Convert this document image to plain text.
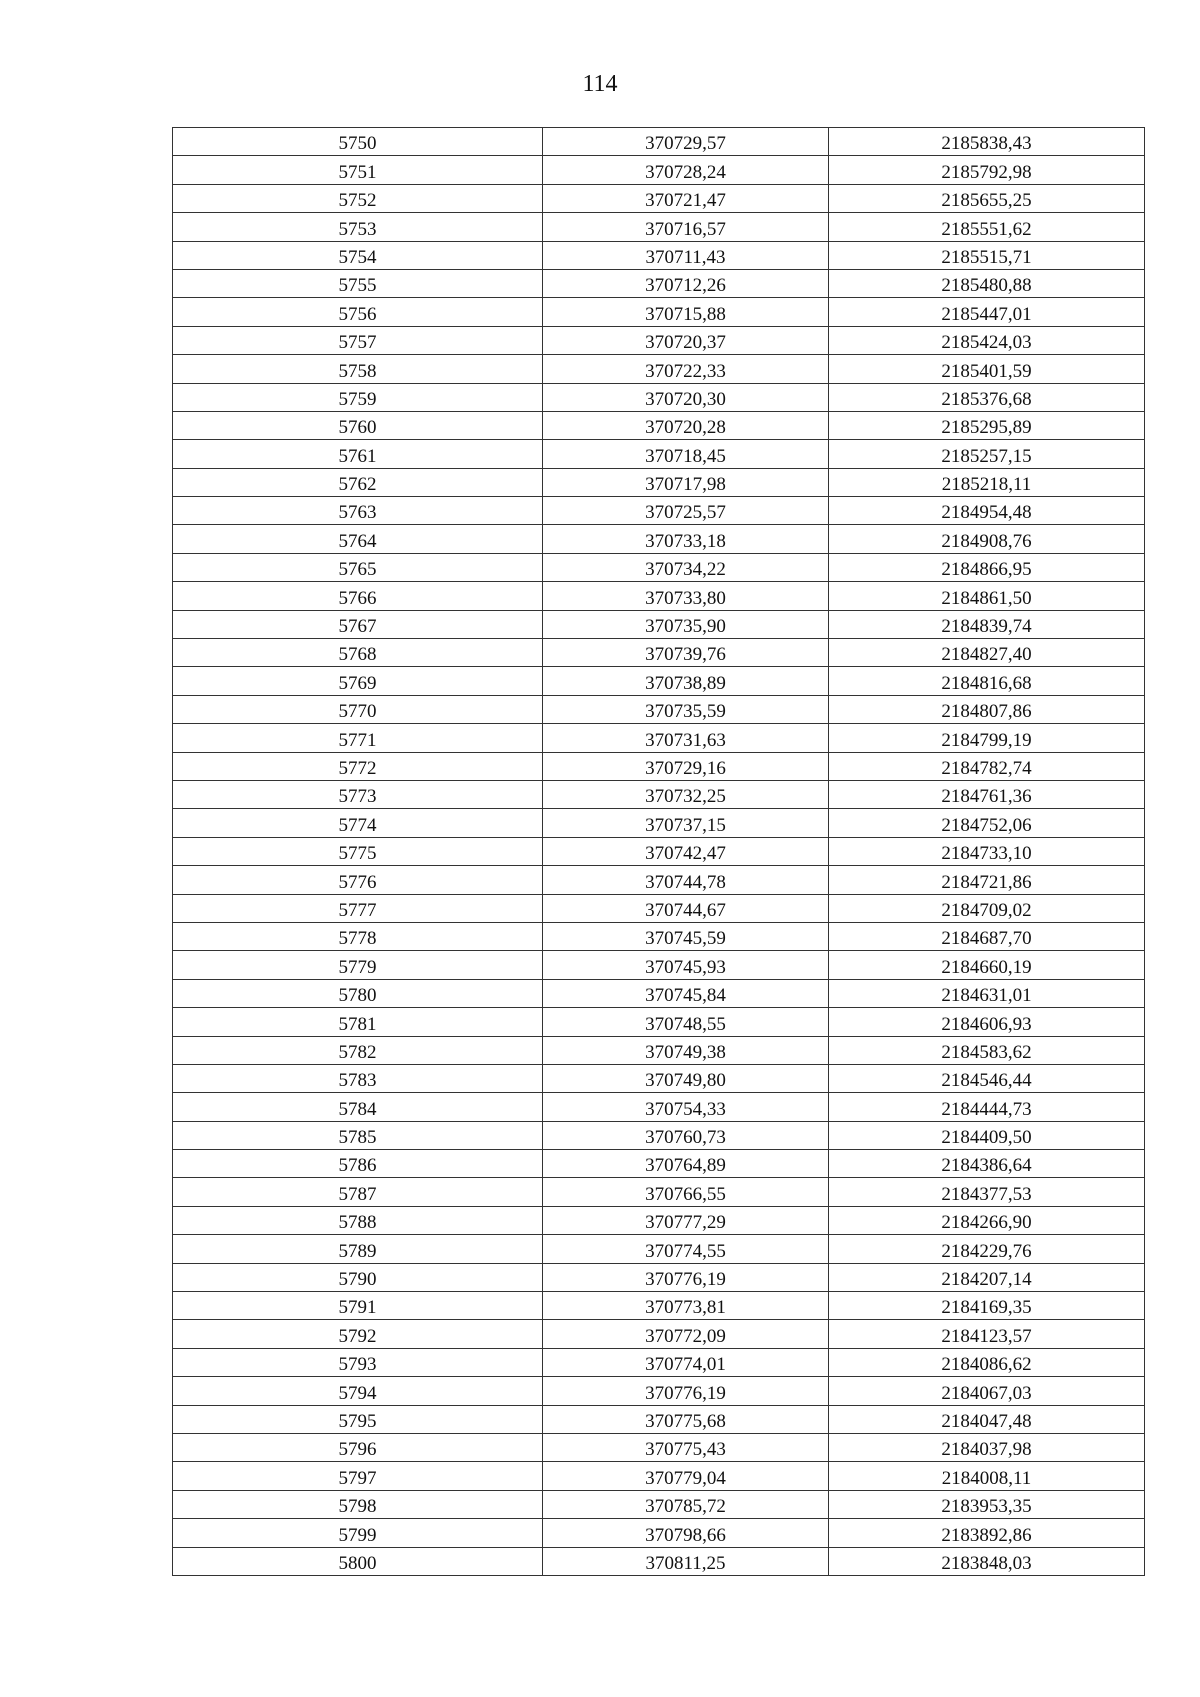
114
5750	370729,57	2185838,43
5751	370728,24	2185792,98
5752	370721,47	2185655,25
5753	370716,57	2185551,62
5754	370711,43	2185515,71
5755	370712,26	2185480,88
5756	370715,88	2185447,01
5757	370720,37	2185424,03
5758	370722,33	2185401,59
5759	370720,30	2185376,68
5760	370720,28	2185295,89
5761	370718,45	2185257,15
5762	370717,98	2185218,11
5763	370725,57	2184954,48
5764	370733,18	2184908,76
5765	370734,22	2184866,95
5766	370733,80	2184861,50
5767	370735,90	2184839,74
5768	370739,76	2184827,40
5769	370738,89	2184816,68
5770	370735,59	2184807,86
5771	370731,63	2184799,19
5772	370729,16	2184782,74
5773	370732,25	2184761,36
5774	370737,15	2184752,06
5775	370742,47	2184733,10
5776	370744,78	2184721,86
5777	370744,67	2184709,02
5778	370745,59	2184687,70
5779	370745,93	2184660,19
5780	370745,84	2184631,01
5781	370748,55	2184606,93
5782	370749,38	2184583,62
5783	370749,80	2184546,44
5784	370754,33	2184444,73
5785	370760,73	2184409,50
5786	370764,89	2184386,64
5787	370766,55	2184377,53
5788	370777,29	2184266,90
5789	370774,55	2184229,76
5790	370776,19	2184207,14
5791	370773,81	2184169,35
5792	370772,09	2184123,57
5793	370774,01	2184086,62
5794	370776,19	2184067,03
5795	370775,68	2184047,48
5796	370775,43	2184037,98
5797	370779,04	2184008,11
5798	370785,72	2183953,35
5799	370798,66	2183892,86
5800	370811,25	2183848,03
